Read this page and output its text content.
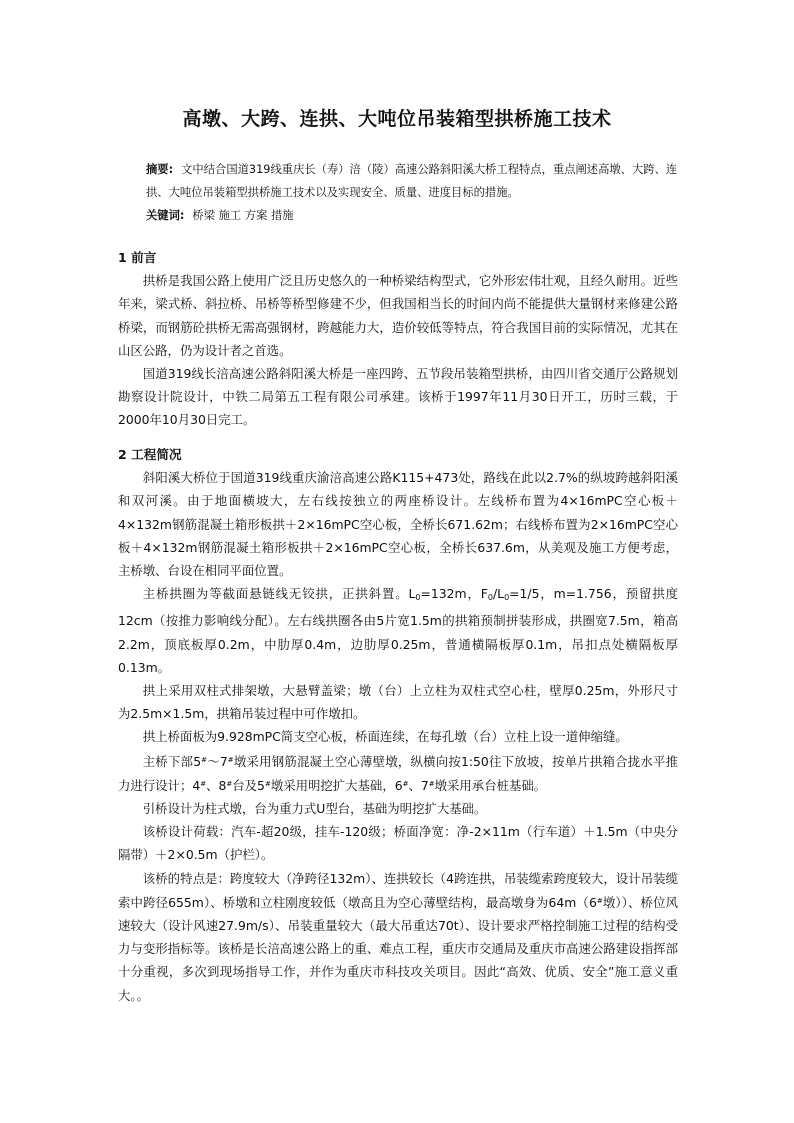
高墩、大跨、连拱、大吨位吊装箱型拱桥施工技术
摘要: 文中结合国道319线重庆长（寿）涪（陵）高速公路斜阳溪大桥工程特点，重点阐述高墩、大跨、连拱、大吨位吊装箱型拱桥施工技术以及实现安全、质量、进度目标的措施。
关键词: 桥梁 施工 方案 措施

1 前言

拱桥是我国公路上使用广泛且历史悠久的一种桥梁结构型式，它外形宏伟壮观，且经久耐用。近些年来，梁式桥、斜拉桥、吊桥等桥型修建不少，但我国相当长的时间内尚不能提供大量钢材来修建公路桥梁，而钢筋砼拱桥无需高强钢材，跨越能力大，造价较低等特点，符合我国目前的实际情况，尤其在山区公路，仍为设计者之首选。

国道319线长涪高速公路斜阳溪大桥是一座四跨、五节段吊装箱型拱桥，由四川省交通厅公路规划勘察设计院设计，中铁二局第五工程有限公司承建。该桥于1997年11月30日开工，历时三载，于2000年10月30日完工。

2 工程简况

斜阳溪大桥位于国道319线重庆渝涪高速公路K115+473处，路线在此以2.7%的纵坡跨越斜阳溪和双河溪。由于地面横坡大，左右线按独立的两座桥设计。左线桥布置为4×16mPC空心板＋4×132m钢筋混凝土箱形板拱＋2×16mPC空心板，全桥长671.62m；右线桥布置为2×16mPC空心板＋4×132m钢筋混凝土箱形板拱＋2×16mPC空心板，全桥长637.6m，从美观及施工方便考虑，主桥墩、台设在相同平面位置。

主桥拱圈为等截面悬链线无铰拱，正拱斜置。$L_0=132m$，$F_0/L_0=1/5$，m=1.756，预留拱度12cm（按推力影响线分配）。左右线拱圈各由5片宽1.5m的拱箱预制拼装形成，拱圈宽7.5m，箱高2.2m，顶底板厚0.2m，中肋厚0.4m，边肋厚0.25m，普通横隔板厚0.1m，吊扣点处横隔板厚0.13m。

拱上采用双柱式排架墩，大悬臂盖梁；墩（台）上立柱为双柱式空心柱，壁厚0.25m，外形尺寸为2.5m×1.5m，拱箱吊装过程中可作墩扣。

拱上桥面板为9.928mPC简支空心板，桥面连续，在每孔墩（台）立柱上设一道伸缩缝。

主桥下部5#～7#墩采用钢筋混凝土空心薄壁墩，纵横向按1:50往下放坡，按单片拱箱合拢水平推力进行设计；4#、8#台及5#墩采用明挖扩大基础，6#、7#墩采用承台桩基础。

引桥设计为柱式墩，台为重力式U型台，基础为明挖扩大基础。

该桥设计荷载：汽车-超20级，挂车-120级；桥面净宽：净-2×11m（行车道）＋1.5m（中央分隔带）＋2×0.5m（护栏）。

该桥的特点是：跨度较大（净跨径132m）、连拱较长（4跨连拱，吊装缆索跨度较大，设计吊装缆索中跨径655m）、桥墩和立柱刚度较低（墩高且为空心薄壁结构，最高墩身为64m（6#墩））、桥位风速较大（设计风速27.9m/s）、吊装重量较大（最大吊重达70t）、设计要求严格控制施工过程的结构受力与变形指标等。该桥是长涪高速公路上的重、难点工程，重庆市交通局及重庆市高速公路建设指挥部十分重视，多次到现场指导工作，并作为重庆市科技攻关项目。因此“高效、优质、安全”施工意义重大。。
